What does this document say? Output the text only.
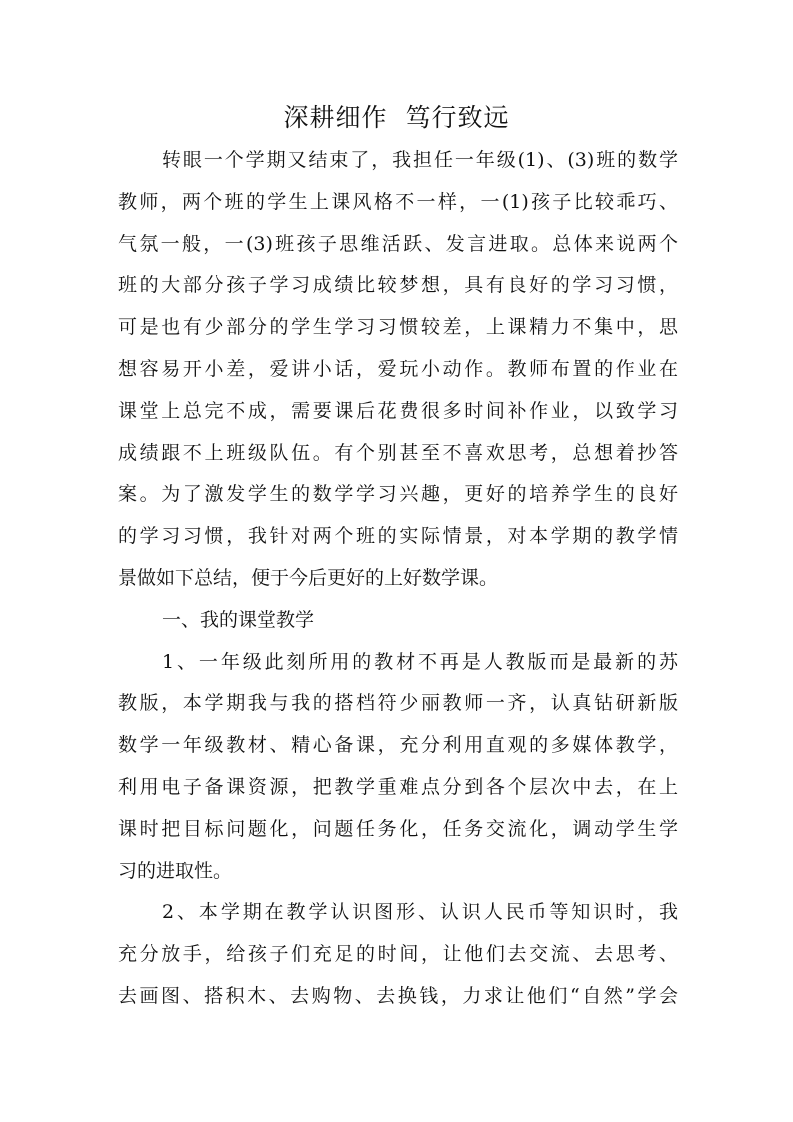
深耕细作  笃行致远
转眼一个学期又结束了，我担任一年级(1)、(3)班的数学
教师，两个班的学生上课风格不一样，一(1)孩子比较乖巧、
气氛一般，一(3)班孩子思维活跃、发言进取。总体来说两个
班的大部分孩子学习成绩比较梦想，具有良好的学习习惯，
可是也有少部分的学生学习习惯较差，上课精力不集中，思
想容易开小差，爱讲小话，爱玩小动作。教师布置的作业在
课堂上总完不成，需要课后花费很多时间补作业，以致学习
成绩跟不上班级队伍。有个别甚至不喜欢思考，总想着抄答
案。为了激发学生的数学学习兴趣，更好的培养学生的良好
的学习习惯，我针对两个班的实际情景，对本学期的教学情
景做如下总结，便于今后更好的上好数学课。
一、我的课堂教学
1、一年级此刻所用的教材不再是人教版而是最新的苏
教版，本学期我与我的搭档符少丽教师一齐，认真钻研新版
数学一年级教材、精心备课，充分利用直观的多媒体教学，
利用电子备课资源，把教学重难点分到各个层次中去，在上
课时把目标问题化，问题任务化，任务交流化，调动学生学
习的进取性。
2、本学期在教学认识图形、认识人民币等知识时，我
充分放手，给孩子们充足的时间，让他们去交流、去思考、
去画图、搭积木、去购物、去换钱，力求让他们“自然”学会
